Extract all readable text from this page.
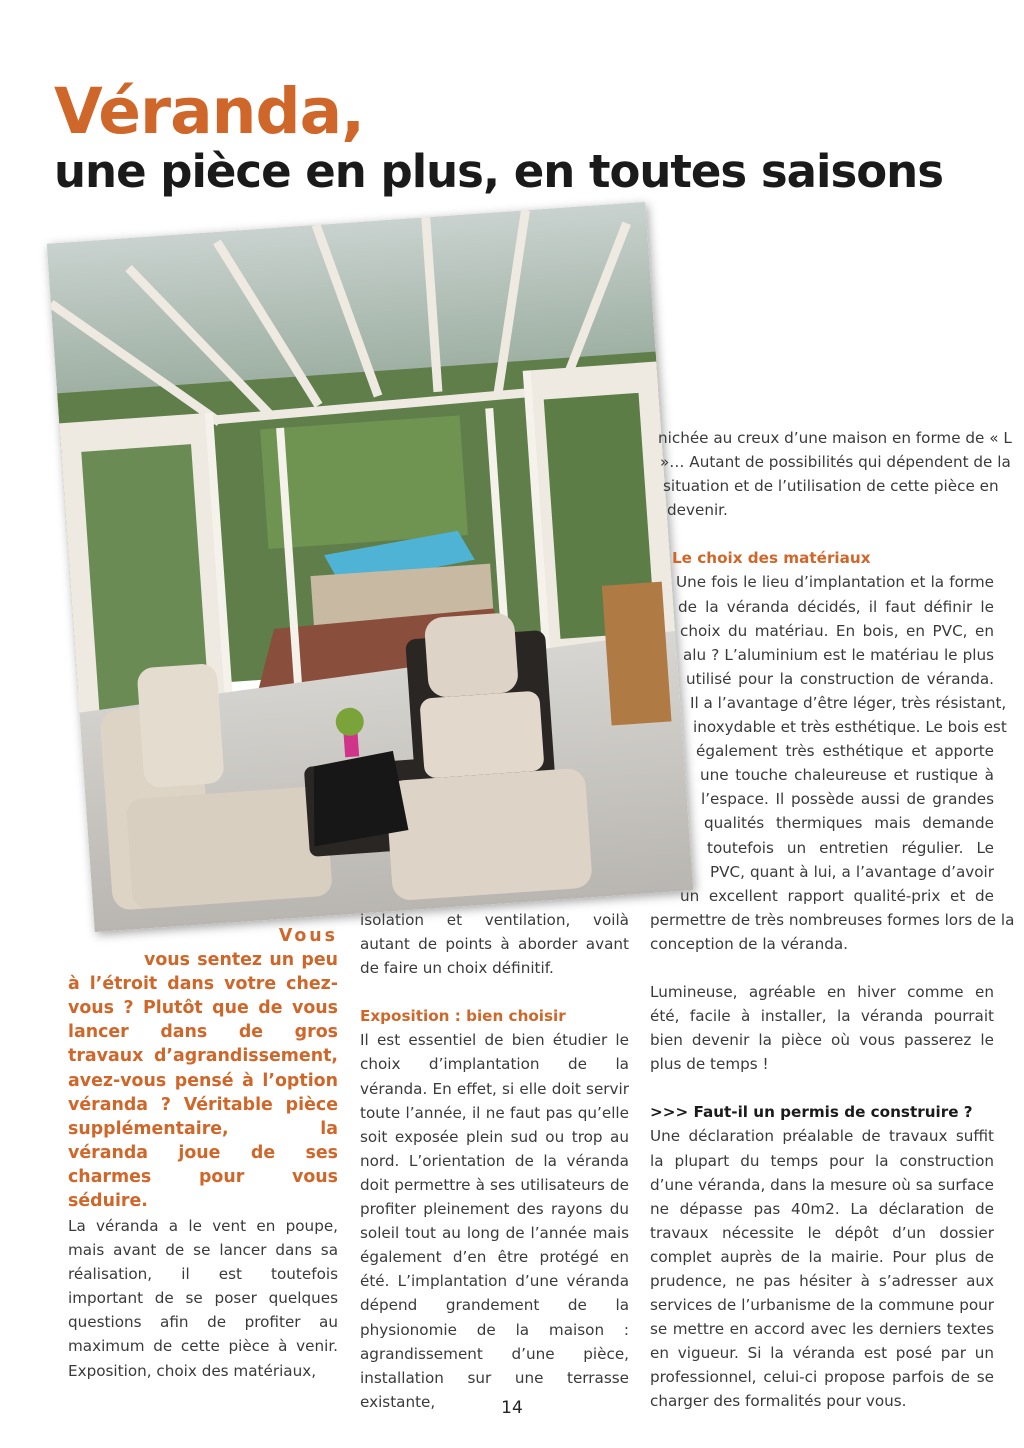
Véranda,
une pièce en plus, en toutes saisons
Vous
vous sentez un peu à l’étroit dans votre chez-vous ? Plutôt que de vous lancer dans de gros travaux d’agrandissement, avez-vous pensé à l’option véranda ? Véritable pièce supplémentaire, la véranda joue de ses charmes pour vous séduire.

La véranda a le vent en poupe, mais avant de se lancer dans sa réalisation, il est toutefois important de se poser quelques questions afin de profiter au maximum de cette pièce à venir. Exposition, choix des matériaux,

isolation et ventilation, voilà autant de points à aborder avant de faire un choix définitif.

Exposition : bien choisir

Il est essentiel de bien étudier le choix d’implantation de la véranda. En effet, si elle doit servir toute l’année, il ne faut pas qu’elle soit exposée plein sud ou trop au nord. L’orientation de la véranda doit permettre à ses utilisateurs de profiter pleinement des rayons du soleil tout au long de l’année mais également d’en être protégé en été. L’implantation d’une véranda dépend grandement de la physionomie de la maison : agrandissement d’une pièce, installation sur une terrasse existante,

nichée au creux d’une maison en forme de « L
»… Autant de possibilités qui dépendent de la
situation et de l’utilisation de cette pièce en
devenir.
Le choix des matériaux
Une fois le lieu d’implantation et la forme
de la véranda décidés, il faut définir le
choix du matériau. En bois, en PVC, en
alu ? L’aluminium est le matériau le plus
utilisé pour la construction de véranda.
Il a l’avantage d’être léger, très résistant,
inoxydable et très esthétique. Le bois est
également très esthétique et apporte
une touche chaleureuse et rustique à
l’espace. Il possède aussi de grandes
qualités thermiques mais demande
toutefois un entretien régulier. Le
PVC, quant à lui, a l’avantage d’avoir
un excellent rapport qualité-prix et de
permettre de très nombreuses formes lors de la
conception de la véranda.

Lumineuse, agréable en hiver comme en été, facile à installer, la véranda pourrait bien devenir la pièce où vous passerez le plus de temps !

>>> Faut-il un permis de construire ?

Une déclaration préalable de travaux suffit la plupart du temps pour la construction d’une véranda, dans la mesure où sa surface ne dépasse pas 40m2. La déclaration de travaux nécessite le dépôt d’un dossier complet auprès de la mairie. Pour plus de prudence, ne pas hésiter à s’adresser aux services de l’urbanisme de la commune pour se mettre en accord avec les derniers textes en vigueur. Si la véranda est posé par un professionnel, celui-ci propose parfois de se charger des formalités pour vous.

14
